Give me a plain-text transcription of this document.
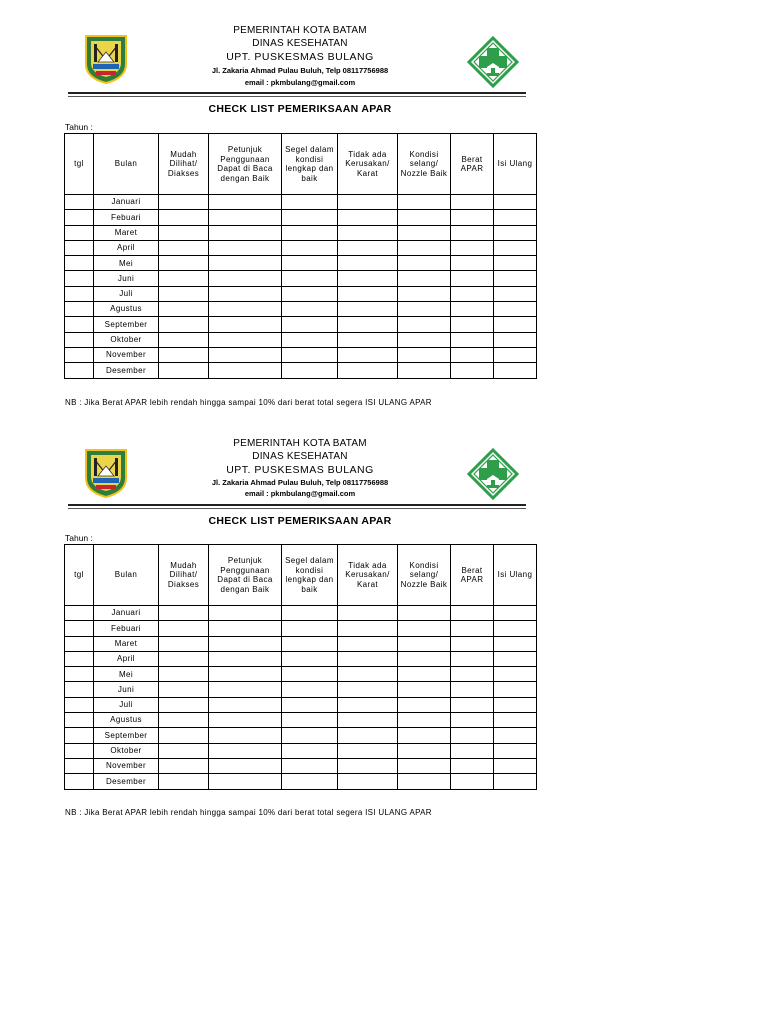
PEMERINTAH KOTA BATAM
DINAS KESEHATAN
UPT. PUSKESMAS BULANG
Jl. Zakaria Ahmad Pulau Buluh, Telp 08117756988
email : pkmbulang@gmail.com
CHECK LIST PEMERIKSAAN APAR
Tahun :
tgl	Bulan	Mudah Dilihat/ Diakses	Petunjuk Penggunaan Dapat di Baca dengan Baik	Segel dalam kondisi lengkap dan baik	Tidak ada Kerusakan/ Karat	Kondisi selang/ Nozzle Baik	Berat APAR	Isi Ulang
	Januari							
	Febuari							
	Maret							
	April							
	Mei							
	Juni							
	Juli							
	Agustus							
	September							
	Oktober							
	November							
	Desember							
NB : Jika Berat APAR lebih rendah hingga sampai 10% dari berat total segera ISI ULANG APAR
PEMERINTAH KOTA BATAM
DINAS KESEHATAN
UPT. PUSKESMAS BULANG
Jl. Zakaria Ahmad Pulau Buluh, Telp 08117756988
email : pkmbulang@gmail.com
CHECK LIST PEMERIKSAAN APAR
Tahun :
tgl	Bulan	Mudah Dilihat/ Diakses	Petunjuk Penggunaan Dapat di Baca dengan Baik	Segel dalam kondisi lengkap dan baik	Tidak ada Kerusakan/ Karat	Kondisi selang/ Nozzle Baik	Berat APAR	Isi Ulang
	Januari							
	Febuari							
	Maret							
	April							
	Mei							
	Juni							
	Juli							
	Agustus							
	September							
	Oktober							
	November							
	Desember							
NB : Jika Berat APAR lebih rendah hingga sampai 10% dari berat total segera ISI ULANG APAR
